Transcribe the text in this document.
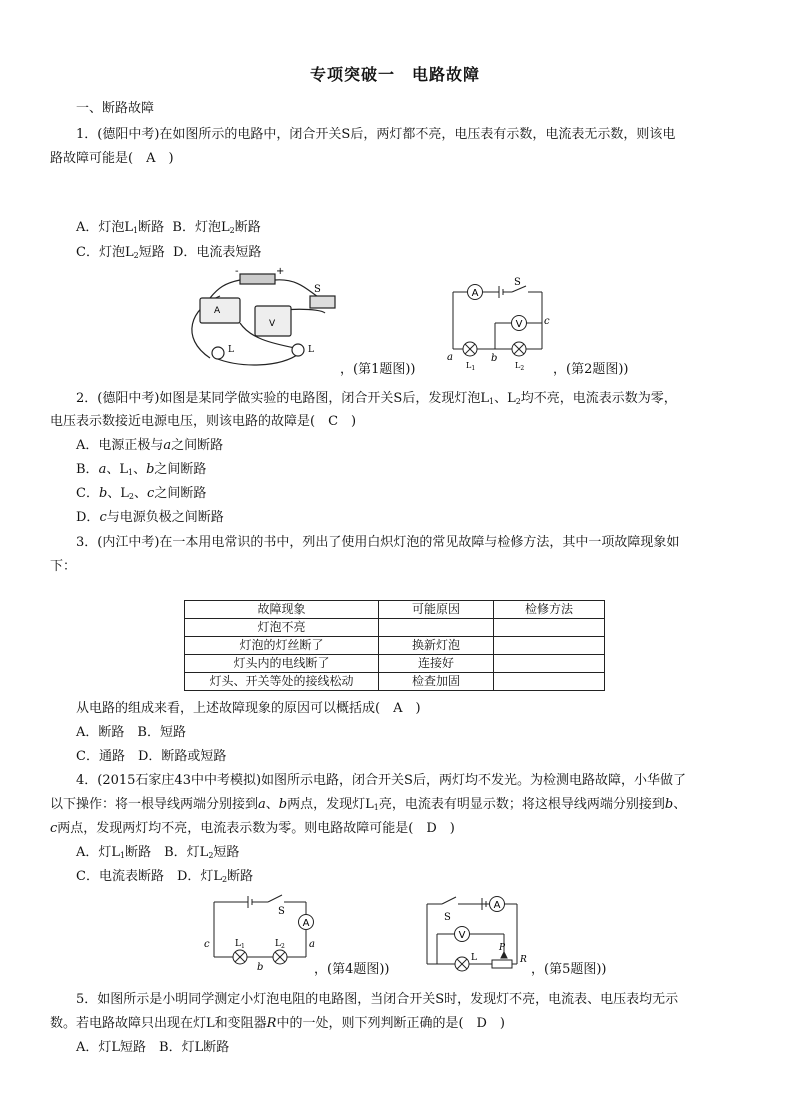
专项突破一　电路故障
一、断路故障
1．(德阳中考)在如图所示的电路中，闭合开关S后，两灯都不亮，电压表有示数，电流表无示数，则该电
路故障可能是(　A　)
A．灯泡$L_1$断路 B．灯泡$L_2$断路
C．灯泡$L_2$短路 D．电流表短路
A
V
S
-	+
L	L
，(第1题图))
A
V
S
c
a	b
$L_1$	$L_2$ ，(第2题图))
2．(德阳中考)如图是某同学做实验的电路图，闭合开关S后，发现灯泡$L_1$、$L_2$均不亮，电流表示数为零，
电压表示数接近电源电压，则该电路的故障是(　C　)
A．电源正极与a之间断路
B．a、$L_1$、b之间断路
C．b、$L_2$、c之间断路
D．c与电源负极之间断路
3．(内江中考)在一本用电常识的书中，列出了使用白炽灯泡的常见故障与检修方法，其中一项故障现象如
下：
故障现象	可能原因	检修方法
灯泡不亮		
灯泡的灯丝断了	换新灯泡	
灯头内的电线断了	连接好	
灯头、开关等处的接线松动	检查加固	
从电路的组成来看，上述故障现象的原因可以概括成(　A　)
A．断路　B．短路
C．通路　D．断路或短路
4．(2015石家庄43中中考模拟)如图所示电路，闭合开关S后，两灯均不发光。为检测电路故障，小华做了
以下操作：将一根导线两端分别接到a、b两点，发现灯$L_1$亮，电流表有明显示数；将这根导线两端分别接到b、
c两点，发现两灯均不亮，电流表示数为零。则电路故障可能是(　D　)
A．灯$L_1$断路　B．灯$L_2$短路
C．电流表断路　D．灯$L_2$断路
A
S
$L_1$	$L_2$
c
b
a
，(第4题图))
A
V
S
L
P
R
，(第5题图))
5．如图所示是小明同学测定小灯泡电阻的电路图，当闭合开关S时，发现灯不亮，电流表、电压表均无示
数。若电路故障只出现在灯L和变阻器R中的一处，则下列判断正确的是(　D　)
A．灯L短路　B．灯L断路
